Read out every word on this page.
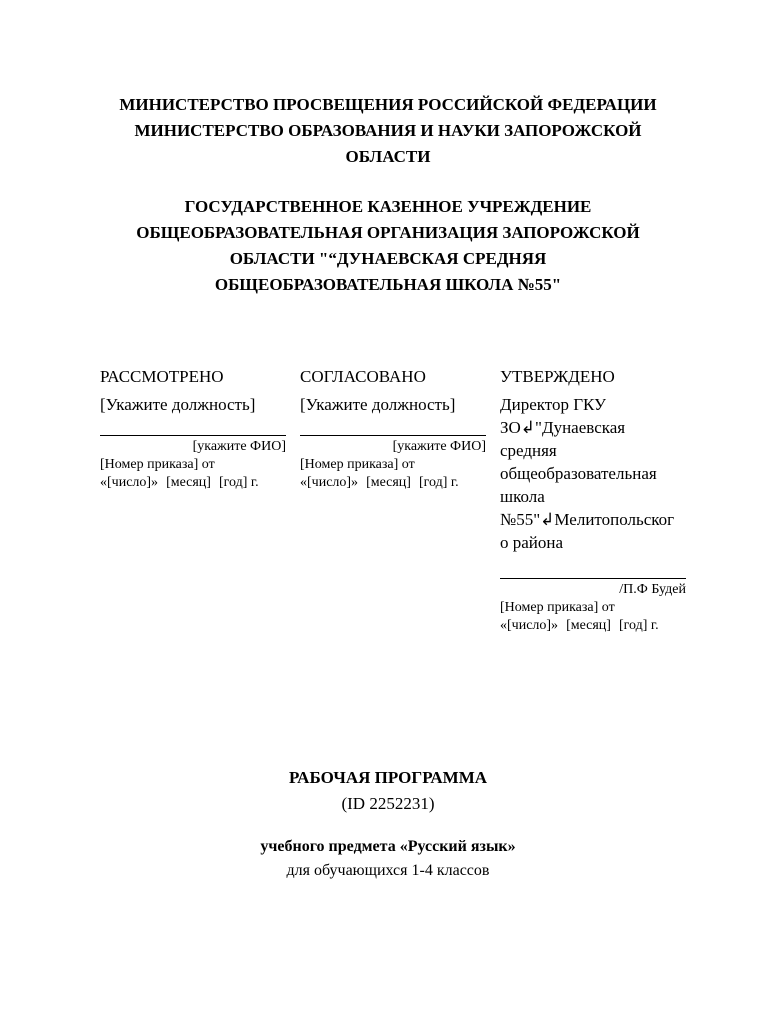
МИНИСТЕРСТВО ПРОСВЕЩЕНИЯ РОССИЙСКОЙ ФЕДЕРАЦИИ
МИНИСТЕРСТВО ОБРАЗОВАНИЯ И НАУКИ ЗАПОРОЖСКОЙ
ОБЛАСТИ
ГОСУДАРСТВЕННОЕ КАЗЕННОЕ УЧРЕЖДЕНИЕ
ОБЩЕОБРАЗОВАТЕЛЬНАЯ ОРГАНИЗАЦИЯ ЗАПОРОЖСКОЙ
ОБЛАСТИ "“ДУНАЕВСКАЯ СРЕДНЯЯ
ОБЩЕОБРАЗОВАТЕЛЬНАЯ ШКОЛА №55"
РАССМОТРЕНО
[Укажите должность]
[укажите ФИО]
[Номер приказа] от
«[число]» [месяц] [год] г.
СОГЛАСОВАНО
[Укажите должность]
[укажите ФИО]
[Номер приказа] от
«[число]» [месяц] [год] г.
УТВЕРЖДЕНО
Директор ГКУ
ЗО↲"Дунаевская
средняя
общеобразовательная
школа
№55"↲Мелитопольског
о района
/П.Ф Будей
[Номер приказа] от
«[число]» [месяц] [год] г.
РАБОЧАЯ ПРОГРАММА
(ID 2252231)
учебного предмета «Русский язык»
для обучающихся 1-4 классов
